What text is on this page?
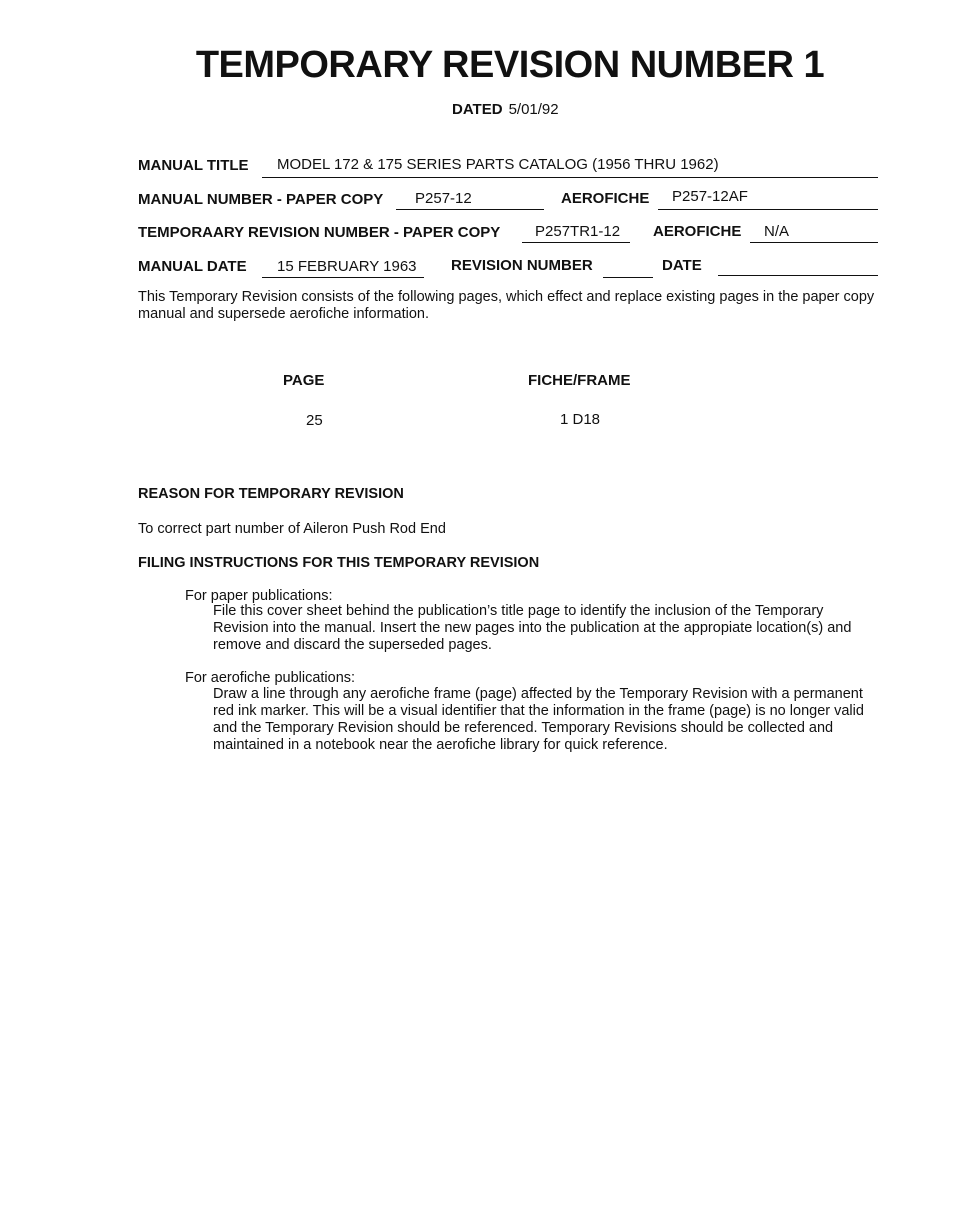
TEMPORARY REVISION NUMBER 1
DATED 5/01/92
MANUAL TITLE MODEL 172 & 175 SERIES PARTS CATALOG (1956 THRU 1962)
MANUAL NUMBER - PAPER COPY P257-12	AEROFICHE P257-12AF
TEMPORAARY REVISION NUMBER - PAPER COPY P257TR1-12 AEROFICHE N/A
MANUAL DATE 15 FEBRUARY 1963 REVISION NUMBER	DATE
This Temporary Revision consists of the following pages, which effect and replace existing pages in the paper copy manual and supersede aerofiche information.
PAGE	FICHE/FRAME
25	1 D18
REASON FOR TEMPORARY REVISION
To correct part number of Aileron Push Rod End
FILING INSTRUCTIONS FOR THIS TEMPORARY REVISION
For paper publications:
File this cover sheet behind the publication’s title page to identify the inclusion of the Temporary Revision into the manual. Insert the new pages into the publication at the appropiate location(s) and remove and discard the superseded pages.
For aerofiche publications:
Draw a line through any aerofiche frame (page) affected by the Temporary Revision with a permanent red ink marker. This will be a visual identifier that the information in the frame (page) is no longer valid and the Temporary Revision should be referenced. Temporary Revisions should be collected and maintained in a notebook near the aerofiche library for quick reference.
